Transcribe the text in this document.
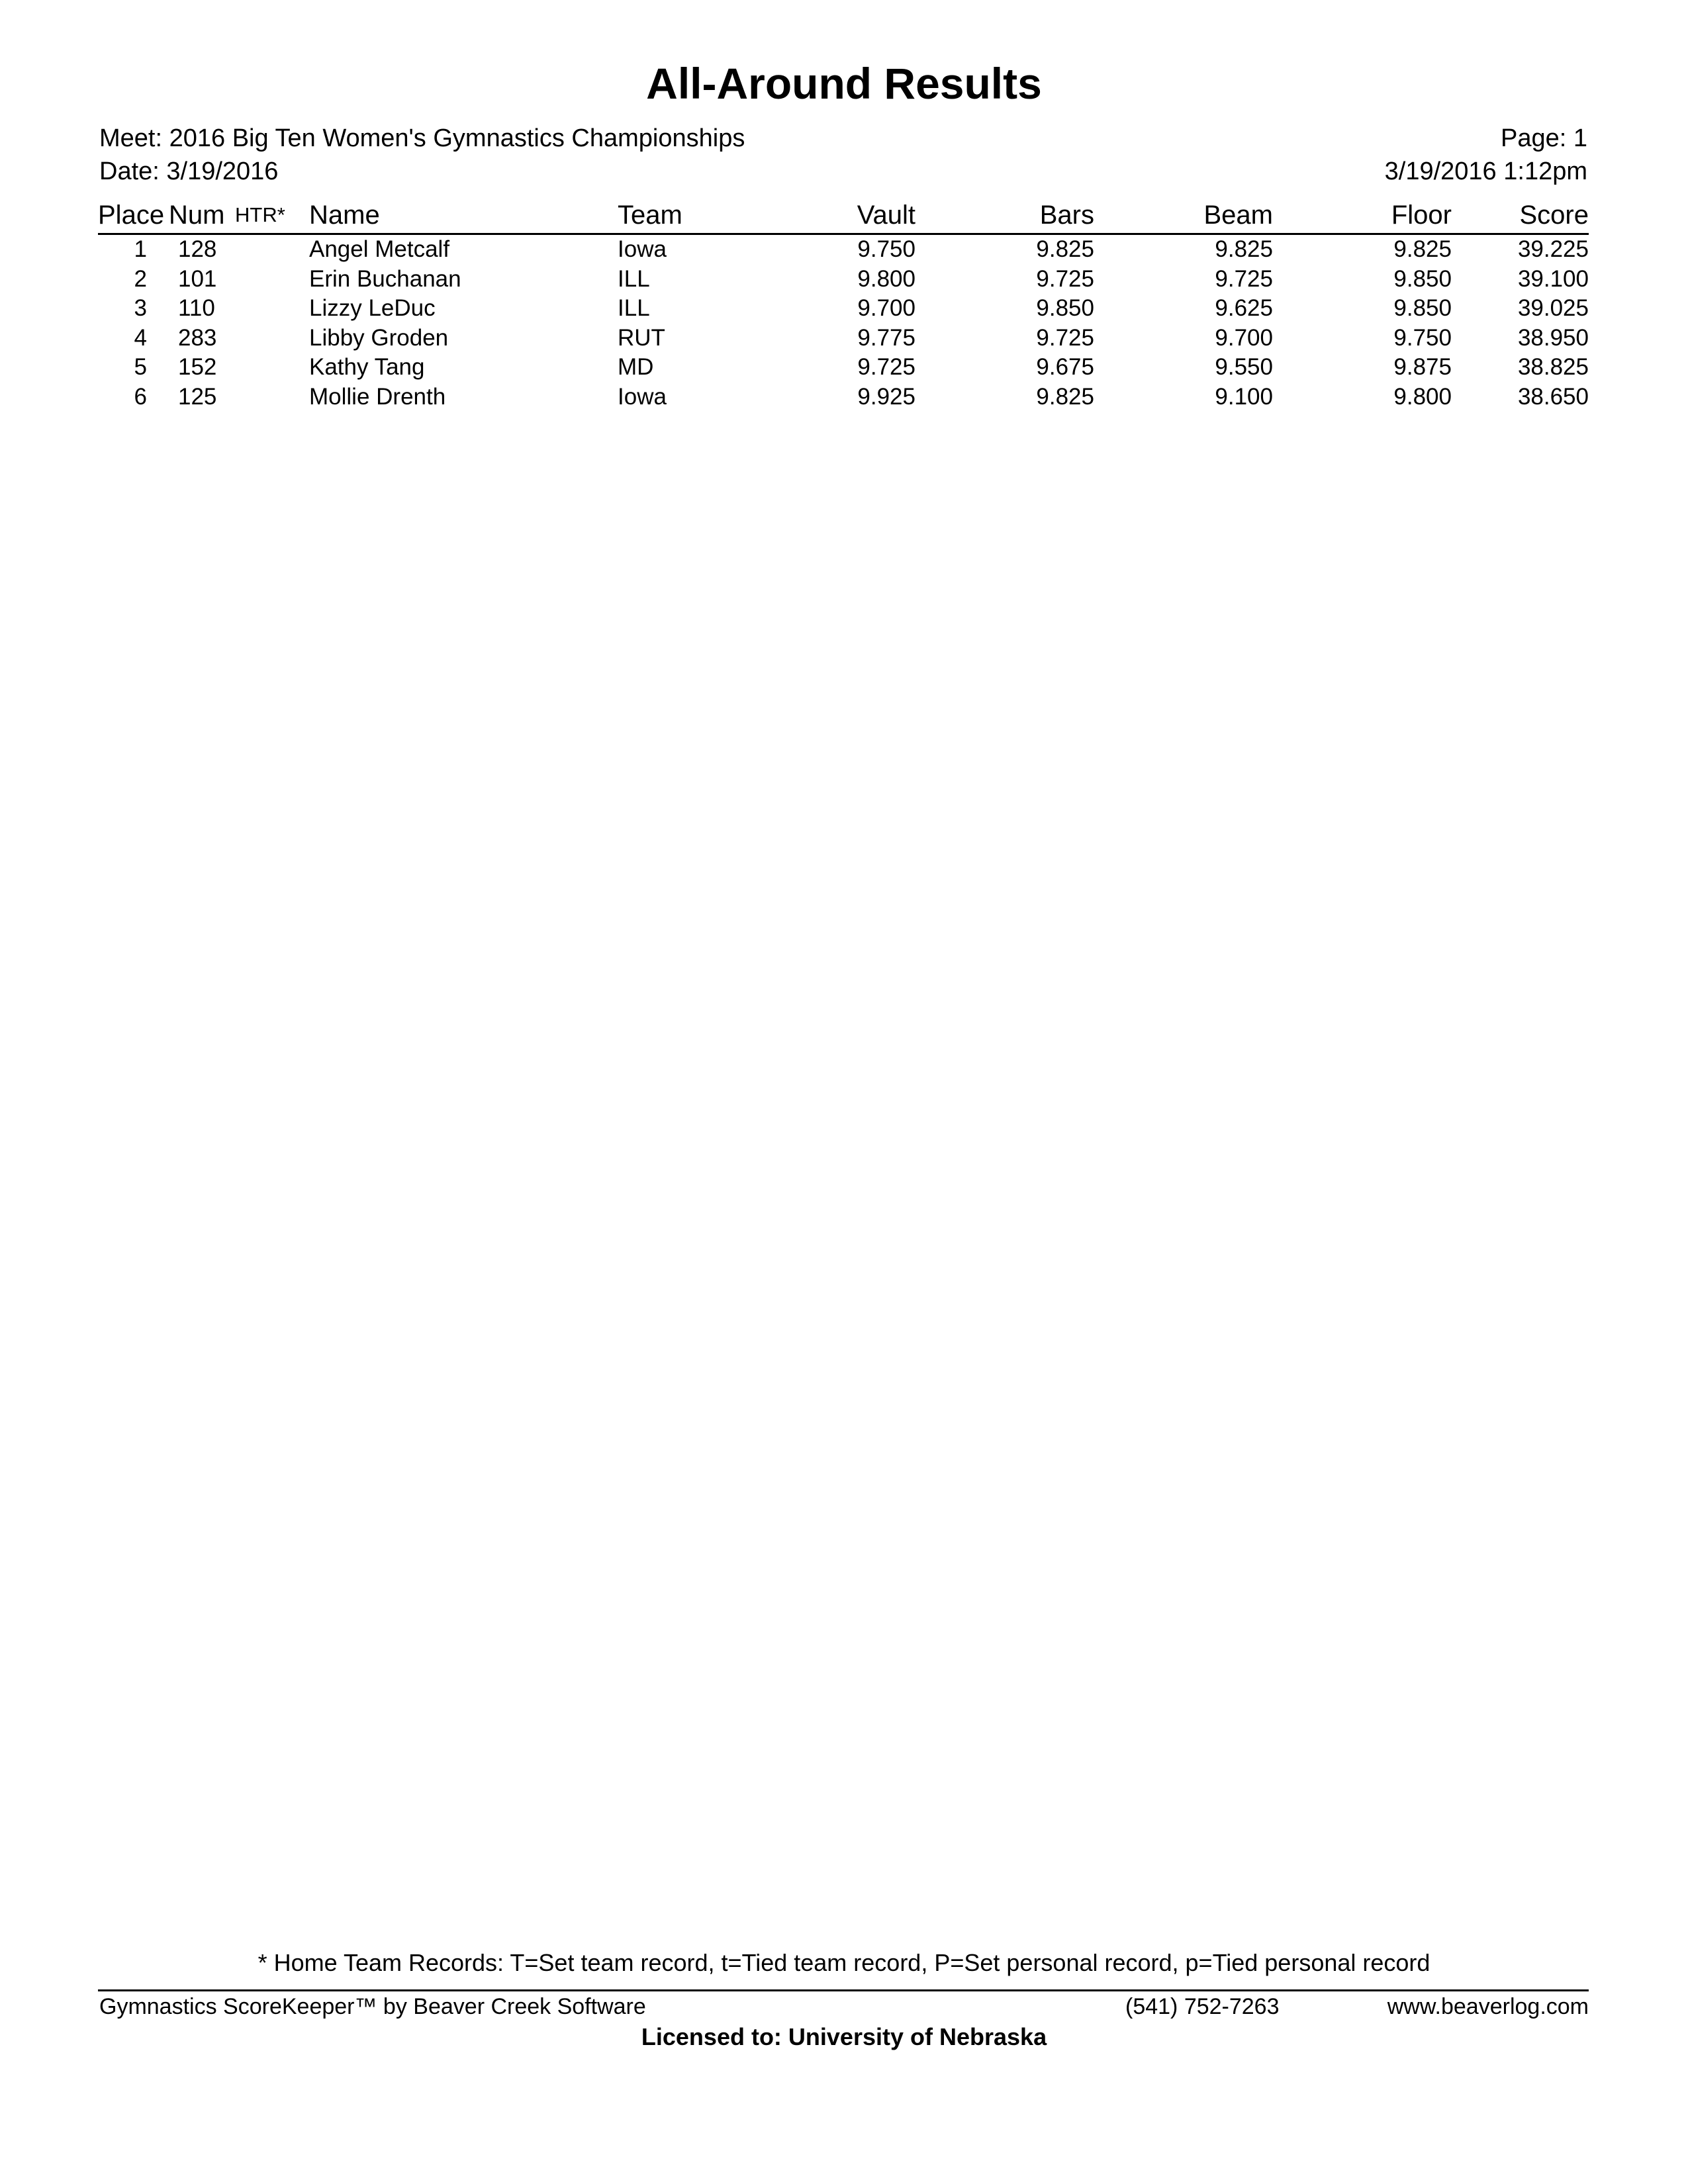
All-Around Results
Meet: 2016 Big Ten Women's Gymnastics Championships	Page: 1
Date: 3/19/2016	3/19/2016 1:12pm
Place	Num	HTR*	Name	Team	Vault	Bars	Beam	Floor	Score
1	128		Angel Metcalf	Iowa	9.750	9.825	9.825	9.825	39.225
2	101		Erin Buchanan	ILL	9.800	9.725	9.725	9.850	39.100
3	110		Lizzy LeDuc	ILL	9.700	9.850	9.625	9.850	39.025
4	283		Libby Groden	RUT	9.775	9.725	9.700	9.750	38.950
5	152		Kathy Tang	MD	9.725	9.675	9.550	9.875	38.825
6	125		Mollie Drenth	Iowa	9.925	9.825	9.100	9.800	38.650
* Home Team Records: T=Set team record, t=Tied team record, P=Set personal record, p=Tied personal record
Gymnastics ScoreKeeper™ by Beaver Creek Software	(541) 752-7263	www.beaverlog.com
Licensed to: University of Nebraska
